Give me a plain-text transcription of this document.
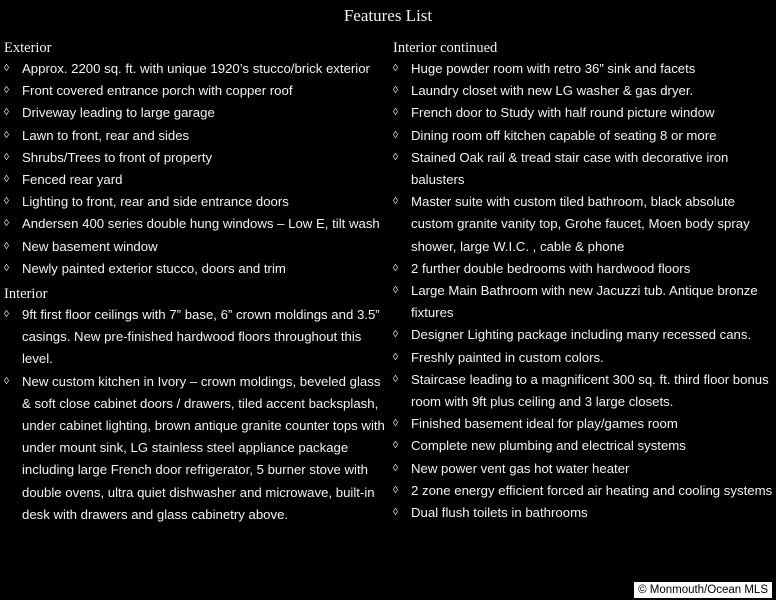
Features List
Exterior
◊ Approx. 2200 sq. ft. with unique 1920’s stucco/brick exterior
◊ Front covered entrance porch with copper roof
◊ Driveway leading to large garage
◊ Lawn to front, rear and sides
◊ Shrubs/Trees to front of property
◊ Fenced rear yard
◊ Lighting to front, rear and side entrance doors
◊ Andersen 400 series double hung windows – Low E, tilt wash
◊ New basement window
◊ Newly painted exterior stucco, doors and trim
Interior
◊ 9ft first floor ceilings with 7” base, 6” crown moldings and 3.5” casings. New pre-finished hardwood floors throughout this level.
◊ New custom kitchen in Ivory – crown moldings, beveled glass & soft close cabinet doors / drawers, tiled accent backsplash, under cabinet lighting, brown antique granite counter tops with under mount sink, LG stainless steel appliance package including large French door refrigerator, 5 burner stove with double ovens, ultra quiet dishwasher and microwave, built-in desk with drawers and glass cabinetry above.
Interior continued
◊ Huge powder room with retro 36” sink and facets
◊ Laundry closet with new LG washer & gas dryer.
◊ French door to Study with half round picture window
◊ Dining room off kitchen capable of seating 8 or more
◊ Stained Oak rail & tread stair case with decorative iron balusters
◊ Master suite with custom tiled bathroom, black absolute custom granite vanity top, Grohe faucet, Moen body spray shower, large W.I.C. , cable & phone
◊ 2 further double bedrooms with hardwood floors
◊ Large Main Bathroom with new Jacuzzi tub. Antique bronze fixtures
◊ Designer Lighting package including many recessed cans.
◊ Freshly painted in custom colors.
◊ Staircase leading to a magnificent 300 sq. ft. third floor bonus room with 9ft plus ceiling and 3 large closets.
◊ Finished basement ideal for play/games room
◊ Complete new plumbing and electrical systems
◊ New power vent gas hot water heater
◊ 2 zone energy efficient forced air heating and cooling systems
◊ Dual flush toilets in bathrooms
© Monmouth/Ocean MLS
